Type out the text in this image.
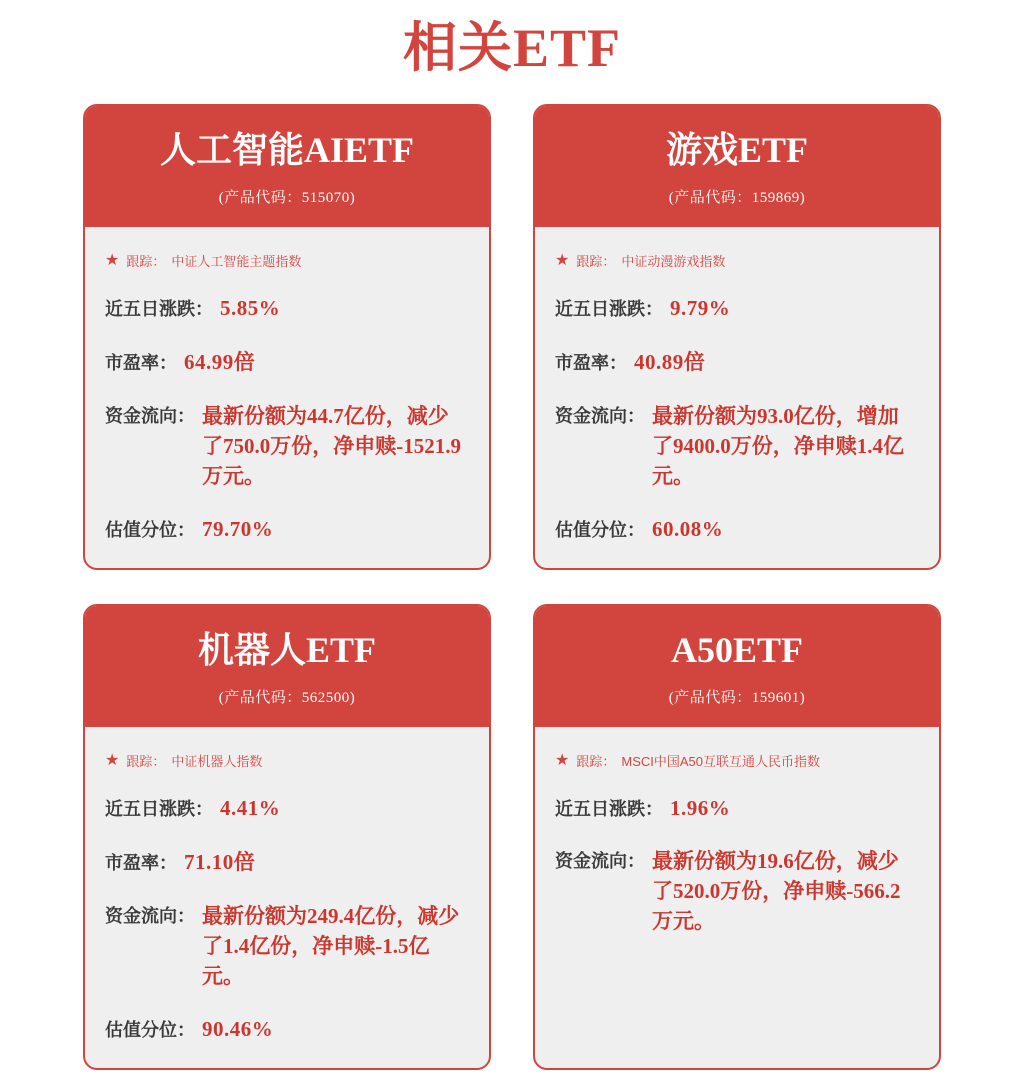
相关ETF
人工智能AIETF
(产品代码：515070)
★ 跟踪： 中证人工智能主题指数
近五日涨跌： 5.85%
市盈率： 64.99倍
资金流向： 最新份额为44.7亿份，减少了750.0万份，净申赎-1521.9万元。
估值分位： 79.70%
游戏ETF
(产品代码：159869)
★ 跟踪： 中证动漫游戏指数
近五日涨跌： 9.79%
市盈率： 40.89倍
资金流向： 最新份额为93.0亿份，增加了9400.0万份，净申赎1.4亿元。
估值分位： 60.08%
机器人ETF
(产品代码：562500)
★ 跟踪： 中证机器人指数
近五日涨跌： 4.41%
市盈率： 71.10倍
资金流向： 最新份额为249.4亿份，减少了1.4亿份，净申赎-1.5亿元。
估值分位： 90.46%
A50ETF
(产品代码：159601)
★ 跟踪： MSCI中国A50互联互通人民币指数
近五日涨跌： 1.96%
资金流向： 最新份额为19.6亿份，减少了520.0万份，净申赎-566.2万元。
